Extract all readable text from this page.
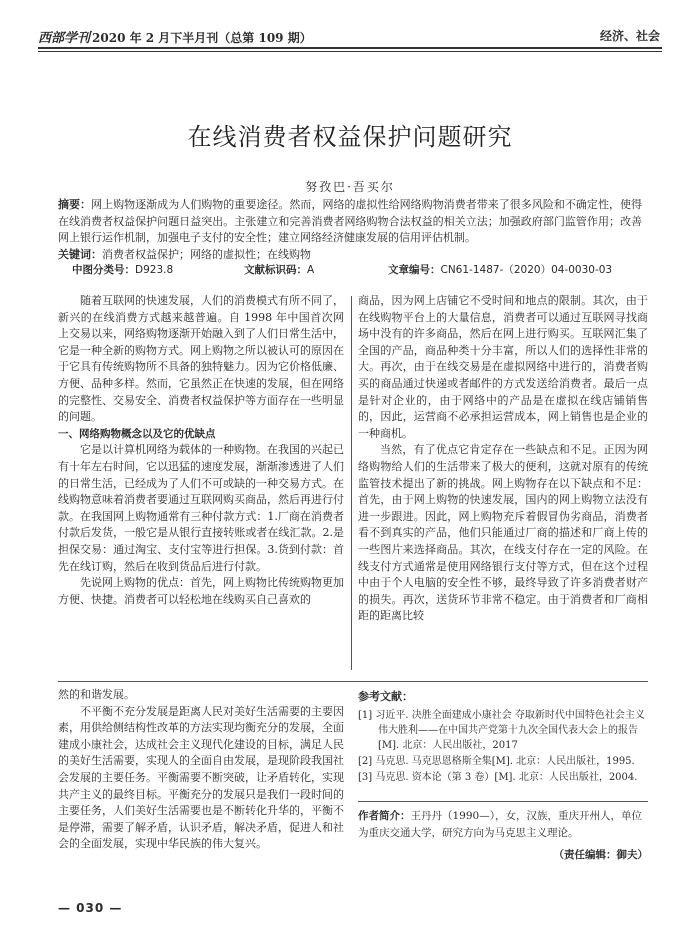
西部学刊 2020 年 2 月下半月刊（总第 109 期）	经济、社会
在线消费者权益保护问题研究
努孜巴·吾买尔
摘要：网上购物逐渐成为人们购物的重要途径。然而，网络的虚拟性给网络购物消费者带来了很多风险和不确定性，使得在线消费者权益保护问题日益突出。主张建立和完善消费者网络购物合法权益的相关立法；加强政府部门监管作用；改善网上银行运作机制，加强电子支付的安全性；建立网络经济健康发展的信用评估机制。
关键词：消费者权益保护；网络的虚拟性；在线购物
中图分类号：D923.8	文献标识码：A	文章编号：CN61-1487-（2020）04-0030-03

随着互联网的快速发展，人们的消费模式有所不同了，新兴的在线消费方式越来越普遍。自 1998 年中国首次网上交易以来，网络购物逐渐开始融入到了人们日常生活中，它是一种全新的购物方式。网上购物之所以被认可的原因在于它具有传统购物所不具备的独特魅力。因为它价格低廉、方便、品种多样。然而，它虽然正在快速的发展，但在网络的完整性、交易安全、消费者权益保护等方面存在一些明显的问题。

一、网络购物概念以及它的优缺点

它是以计算机网络为载体的一种购物。在我国的兴起已有十年左右时间，它以迅猛的速度发展，渐渐渗透进了人们的日常生活，已经成为了人们不可或缺的一种交易方式。在线购物意味着消费者要通过互联网购买商品，然后再进行付款。在我国网上购物通常有三种付款方式：1.厂商在消费者付款后发货，一般它是从银行直接转账或者在线汇款。2.是担保交易：通过淘宝、支付宝等进行担保。3.货到付款：首先在线订购，然后在收到货品后进行付款。

先说网上购物的优点：首先，网上购物比传统购物更加方便、快捷。消费者可以轻松地在线购买自己喜欢的

商品，因为网上店铺它不受时间和地点的限制。其次，由于在线购物平台上的大量信息，消费者可以通过互联网寻找商场中没有的许多商品，然后在网上进行购买。互联网汇集了全国的产品，商品种类十分丰富，所以人们的选择性非常的大。再次，由于在线交易是在虚拟网络中进行的，消费者购买的商品通过快递或者邮件的方式发送给消费者。最后一点是针对企业的，由于网络中的产品是在虚拟在线店铺销售的，因此，运营商不必承担运营成本，网上销售也是企业的一种商机。

当然，有了优点它肯定存在一些缺点和不足。正因为网络购物给人们的生活带来了极大的便利，这就对原有的传统监管技术提出了新的挑战。网上购物存在以下缺点和不足：首先，由于网上购物的快速发展，国内的网上购物立法没有进一步跟进。因此，网上购物充斥着假冒伪劣商品，消费者看不到真实的产品，他们只能通过厂商的描述和厂商上传的一些图片来选择商品。其次，在线支付存在一定的风险。在线支付方式通常是使用网络银行支付等方式，但在这个过程中由于个人电脑的安全性不够，最终导致了许多消费者财产的损失。再次，送货环节非常不稳定。由于消费者和厂商相距的距离比较

然的和谐发展。

不平衡不充分发展是距离人民对美好生活需要的主要因素，用供给侧结构性改革的方法实现均衡充分的发展，全面建成小康社会，达成社会主义现代化建设的目标，满足人民的美好生活需要，实现人的全面自由发展，是现阶段我国社会发展的主要任务。平衡需要不断突破，让矛盾转化，实现共产主义的最终目标。平衡充分的发展只是我们一段时间的主要任务，人们美好生活需要也是不断转化升华的，平衡不是停滞，需要了解矛盾，认识矛盾，解决矛盾，促进人和社会的全面发展，实现中华民族的伟大复兴。

参考文献：

[1] 习近平. 决胜全面建成小康社会 夺取新时代中国特色社会主义伟大胜利——在中国共产党第十九次全国代表大会上的报告[M]. 北京：人民出版社，2017

[2] 马克思. 马克思恩格斯全集[M]. 北京：人民出版社，1995.

[3] 马克思. 资本论（第 3 卷）[M]. 北京：人民出版社，2004.

作者简介：王丹丹（1990—），女，汉族，重庆开州人，单位为重庆交通大学，研究方向为马克思主义理论。
（责任编辑：御夫）
— 030 —
